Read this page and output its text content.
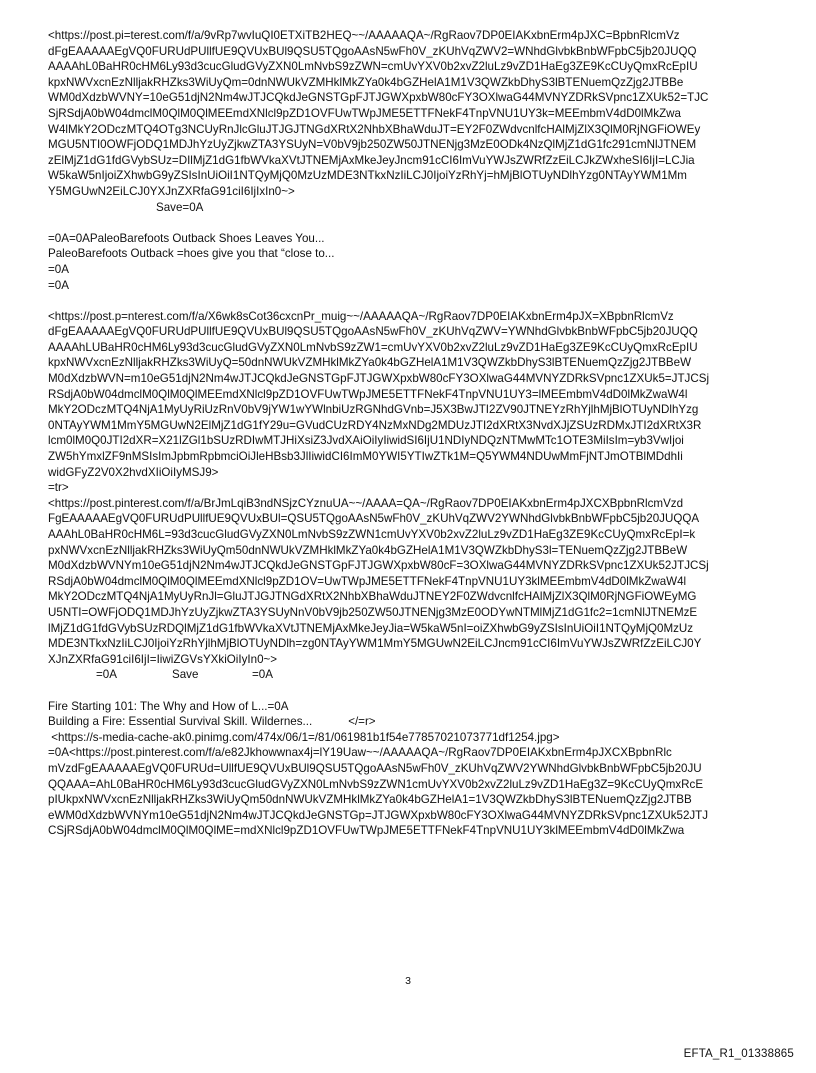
<https://post.pi=terest.com/f/a/9vRp7wvIuQI0ETXiTB2HEQ~~/AAAAAQA~/RgRaov7DP0EIAKxbnErm4pJXC=BpbnRlcmVz
dFgEAAAAAEgVQ0FURUdPUllfUE9QVUxBUl9QSU5TQgoAAsN5wFh0V_zKUhVqZWV2=WNhdGlvbkBnbWFpbC5jb20JUQQ
AAAAhL0BaHR0cHM6Ly93d3cucGludGVyZXN0LmNvbS9zZWN=cmUvYXV0b2xvZ2luLz9vZD1HaEg3ZE9KcCUyQmxRcEpIU
kpxNWVxcnEzNlljakRHZks3WiUyQm=0dnNWUkVZMHklMkZYa0k4bGZHelA1M1V3QWZkbDhyS3lBTENuemQzZjg2JTBBe
WM0dXdzbWVNY=10eG51djN2Nm4wJTJCQkdJeGNSTGpFJTJGWXpxbW80cFY3OXlwaG44MVNYZDRkSVpnc1ZXUk52=TJC
SjRSdjA0bW04dmclM0QlM0QlMEEmdXNlcl9pZD1OVFUwTWpJME5ETTFNekF4TnpVNU1UY3k=MEEmbmV4dD0lMkZwa
W4lMkY2ODczMTQ4OTg3NCUyRnJlcGluJTJGJTNGdXRtX2NhbXBhaWduJT=EY2F0ZWdvcnlfcHAlMjZlX3QlM0RjNGFiOWEy
MGU5NTI0OWFjODQ1MDJhYzUyZjkwZTA3YSUyN=V0bV9jb250ZW50JTNENjg3MzE0ODk4NzQlMjZ1dG1fc291cmNlJTNEM
zElMjZ1dG1fdGVybSUz=DIlMjZ1dG1fbWVkaXVtJTNEMjAxMkeJeyJncm91cCI6ImVuYWJsZWRfZzEiLCJkZWxheSI6IjI=LCJia
W5kaW5nIjoiZXhwbG9yZSIsInUiOiI1NTQyMjQ0MzUzMDE3NTkxNzIiLCJ0IjoiYzRhYj=hMjBlOTUyNDlhYzg0NTAyYWM1Mm
Y5MGUwN2EiLCJ0YXJnZXRfaG91ciI6IjIxIn0~>
Save=0A
=0A=0APaleoBarefoots Outback Shoes Leaves You...
PaleoBarefoots Outback =hoes give you that “close to...
=0A
=0A
<https://post.p=nterest.com/f/a/X6wk8sCot36cxcnPr_muig~~/AAAAAQA~/RgRaov7DP0EIAKxbnErm4pJX=XBpbnRlcmVz
dFgEAAAAAEgVQ0FURUdPUllfUE9QVUxBUl9QSU5TQgoAAsN5wFh0V_zKUhVqZWV=YWNhdGlvbkBnbWFpbC5jb20JUQQ
AAAAhLUBaHR0cHM6Ly93d3cucGludGVyZXN0LmNvbS9zZW1=cmUvYXV0b2xvZ2luLz9vZD1HaEg3ZE9KcCUyQmxRcEpIU
kpxNWVxcnEzNlljakRHZks3WiUyQ=50dnNWUkVZMHklMkZYa0k4bGZHelA1M1V3QWZkbDhyS3lBTENuemQzZjg2JTBBeW
M0dXdzbWVN=m10eG51djN2Nm4wJTJCQkdJeGNSTGpFJTJGWXpxbW80cFY3OXlwaG44MVNYZDRkSVpnc1ZXUk5=JTJCSj
RSdjA0bW04dmclM0QlM0QlMEEmdXNlcl9pZD1OVFUwTWpJME5ETTFNekF4TnpVNU1UY3=lMEEmbmV4dD0lMkZwaW4l
MkY2ODczMTQ4NjA1MyUyRiUzRnV0bV9jYW1wYWlnbiUzRGNhdGVnb=J5X3BwJTI2ZV90JTNEYzRhYjlhMjBlOTUyNDlhYzg
0NTAyYWM1MmY5MGUwN2ElMjZ1dG1fY29u=GVudCUzRDY4NzMxNDg2MDUzJTI2dXRtX3NvdXJjZSUzRDMxJTI2dXRtX3R
lcm0lM0Q0JTI2dXR=X21lZGl1bSUzRDIwMTJHiXsiZ3JvdXAiOiIyIiwidSI6IjU1NDIyNDQzNTMwMTc1OTE3MiIsIm=yb3VwIjoi
ZW5hYmxlZF9nMSIsImJpbmRpbmciOiJleHBsb3JlIiwidCI6ImM0YWI5YTIwZTk1M=Q5YWM4NDUwMmFjNTJmOTBlMDdhIi
widGFyZ2V0X2hvdXIiOiIyMSJ9>
=tr>
<https://post.pinterest.com/f/a/BrJmLqiB3ndNSjzCYznuUA~~/AAAA=QA~/RgRaov7DP0EIAKxbnErm4pJXCXBpbnRlcmVzd
FgEAAAAAEgVQ0FURUdPUllfUE9QVUxBUl=QSU5TQgoAAsN5wFh0V_zKUhVqZWV2YWNhdGlvbkBnbWFpbC5jb20JUQQA
AAAhL0BaHR0cHM6L=93d3cucGludGVyZXN0LmNvbS9zZWN1cmUvYXV0b2xvZ2luLz9vZD1HaEg3ZE9KcCUyQmxRcEpI=k
pxNWVxcnEzNlljakRHZks3WiUyQm50dnNWUkVZMHklMkZYa0k4bGZHelA1M1V3QWZkbDhyS3l=TENuemQzZjg2JTBBeW
M0dXdzbWVNYm10eG51djN2Nm4wJTJCQkdJeGNSTGpFJTJGWXpxbW80cF=3OXlwaG44MVNYZDRkSVpnc1ZXUk52JTJCSj
RSdjA0bW04dmclM0QlM0QlMEEmdXNlcl9pZD1OV=UwTWpJME5ETTFNekF4TnpVNU1UY3klMEEmbmV4dD0lMkZwaW4l
MkY2ODczMTQ4NjA1MyUyRnJl=GluJTJGJTNGdXRtX2NhbXBhaWduJTNEY2F0ZWdvcnlfcHAlMjZlX3QlM0RjNGFiOWEyMG
U5NTI=OWFjODQ1MDJhYzUyZjkwZTA3YSUyNnV0bV9jb250ZW50JTNENjg3MzE0ODYwNTMlMjZ1dG1fc2=1cmNlJTNEMzE
lMjZ1dG1fdGVybSUzRDQlMjZ1dG1fbWVkaXVtJTNEMjAxMkeJeyJia=W5kaW5nI=oiZXhwbG9yZSIsInUiOiI1NTQyMjQ0MzUz
MDE3NTkxNzIiLCJ0IjoiYzRhYjlhMjBlOTUyNDlh=zg0NTAyYWM1MmY5MGUwN2EiLCJncm91cCI6ImVuYWJsZWRfZzEiLCJ0Y
XJnZXRfaG91ciI6IjI=IiwiZGVsYXkiOiIyIn0~>
=0A	Save	=0A
Fire Starting 101: The Why and How of L...=0A
Building a Fire: Essential Survival Skill. Wildernes...	</=r>
<https://s-media-cache-ak0.pinimg.com/474x/06/1=/81/061981b1f54e77857021073771df1254.jpg>
=0A<https://post.pinterest.com/f/a/e82Jkhowwnax4j=lY19Uaw~~/AAAAAQA~/RgRaov7DP0EIAKxbnErm4pJXCXBpbnRlc
mVzdFgEAAAAAEgVQ0FURUd=UllfUE9QVUxBUl9QSU5TQgoAAsN5wFh0V_zKUhVqZWV2YWNhdGlvbkBnbWFpbC5jb20JU
QQAAA=AhL0BaHR0cHM6Ly93d3cucGludGVyZXN0LmNvbS9zZWN1cmUvYXV0b2xvZ2luLz9vZD1HaEg3Z=9KcCUyQmxRcE
pIUkpxNWVxcnEzNlljakRHZks3WiUyQm50dnNWUkVZMHklMkZYa0k4bGZHelA1=1V3QWZkbDhyS3lBTENuemQzZjg2JTBB
eWM0dXdzbWVNYm10eG51djN2Nm4wJTJCQkdJeGNSTGp=JTJGWXpxbW80cFY3OXlwaG44MVNYZDRkSVpnc1ZXUk52JTJ
CSjRSdjA0bW04dmclM0QlM0QlME=mdXNlcl9pZD1OVFUwTWpJME5ETTFNekF4TnpVNU1UY3klMEEmbmV4dD0lMkZwa
3
EFTA_R1_01338865
